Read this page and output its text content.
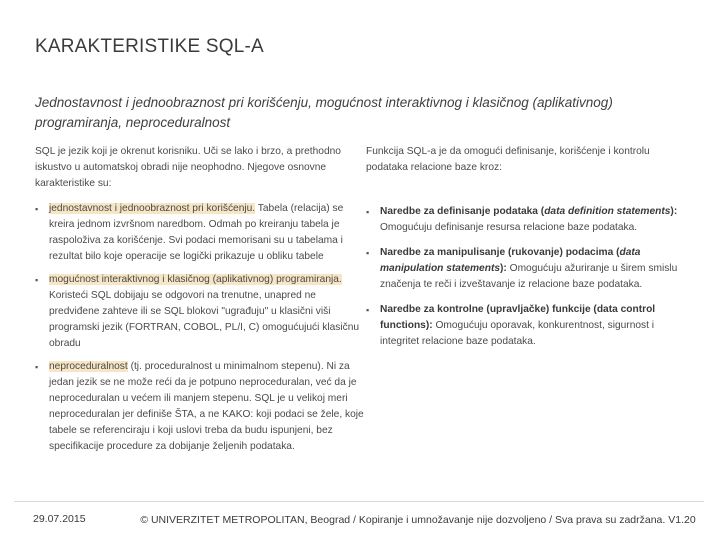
KARAKTERISTIKE SQL-A
Jednostavnost i jednoobraznost pri korišćenju, mogućnost interaktivnog i klasičnog (aplikativnog) programiranja, neproceduralnost

SQL je jezik koji je okrenut korisniku. Uči se lako i brzo, a prethodno iskustvo u automatskoj obradi nije neophodno. Njegove osnovne karakteristike su:

▪ jednostavnost i jednoobraznost pri korišćenju. Tabela (relacija) se kreira jednom izvršnom naredbom. Odmah po kreiranju tabela je raspoloživa za korišćenje. Svi podaci memorisani su u tabelama i rezultat bilo koje operacije se logički prikazuje u obliku tabele
▪ mogućnost interaktivnog i klasičnog (aplikativnog) programiranja. Koristeći SQL dobijaju se odgovori na trenutne, unapred ne predviđene zahteve ili se SQL blokovi "ugrađuju" u klasični viši programski jezik (FORTRAN, COBOL, PL/I, C) omogućujući klasičnu obradu
▪ neproceduralnost (tj. proceduralnost u minimalnom stepenu). Ni za jedan jezik se ne može reći da je potpuno neproceduralan, već da je neproceduralan u većem ili manjem stepenu. SQL je u velikoj meri neproceduralan jer definiše ŠTA, a ne KAKO: koji podaci se žele, koje tabele se referenciraju i koji uslovi treba da budu ispunjeni, bez specifikacije procedure za dobijanje željenih podataka.

Funkcija SQL-a je da omogući definisanje, korišćenje i kontrolu podataka relacione baze kroz:

▪ Naredbe za definisanje podataka (data definition statements): Omogućuju definisanje resursa relacione baze podataka.
▪ Naredbe za manipulisanje (rukovanje) podacima (data manipulation statements): Omogućuju ažuriranje u širem smislu značenja te reči i izveštavanje iz relacione baze podataka.
▪ Naredbe za kontrolne (upravljačke) funkcije (data control functions): Omogućuju oporavak, konkurentnost, sigurnost i integritet relacione baze podataka.
29.07.2015	© UNIVERZITET METROPOLITAN, Beograd / Kopiranje i umnožavanje nije dozvoljeno / Sva prava su zadržana. V1.20
